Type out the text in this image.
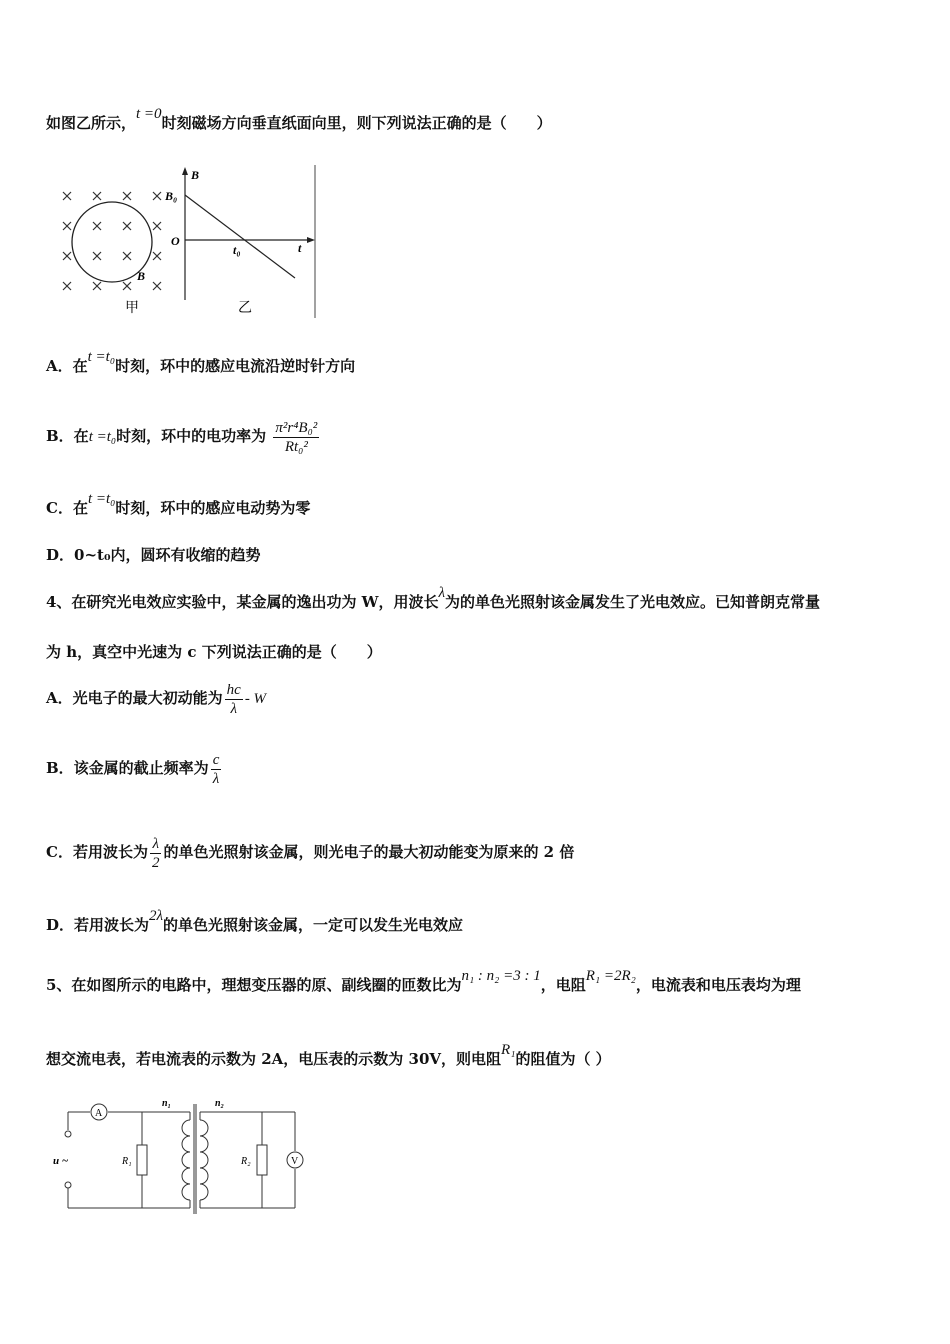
如图乙所示，t =0时刻磁场方向垂直纸面向里，则下列说法正确的是（　　）
B
甲
B
B₀
O
t₀	t
乙
A．在t =t₀时刻，环中的感应电流沿逆时针方向
B．在t =t₀时刻，环中的电功率为 $\frac{\text{π²r⁴B₀²}}{\text{Rt₀²}}$
C．在t =t₀时刻，环中的感应电动势为零
D．0~t₀内，圆环有收缩的趋势
4、在研究光电效应实验中，某金属的逸出功为 W，用波长λ为的单色光照射该金属发生了光电效应。已知普朗克常量
为 h，真空中光速为 c 下列说法正确的是（　　）
A．光电子的最大初动能为 $\frac{hc}{\lambda}$ - W
B．该金属的截止频率为 $\frac{c}{\lambda}$
C．若用波长为 $\frac{\lambda}{2}$ 的单色光照射该金属，则光电子的最大初动能变为原来的 2 倍
D．若用波长为2λ的单色光照射该金属，一定可以发生光电效应
5、在如图所示的电路中，理想变压器的原、副线圈的匝数比为n₁ : n₂ =3 : 1，电阻R₁ =2R₂，电流表和电压表均为理
想交流电表，若电流表的示数为 2A，电压表的示数为 30V，则电阻R₁的阻值为（ ）
A
R₁	R₂	V
u ~
n₁	n₂
